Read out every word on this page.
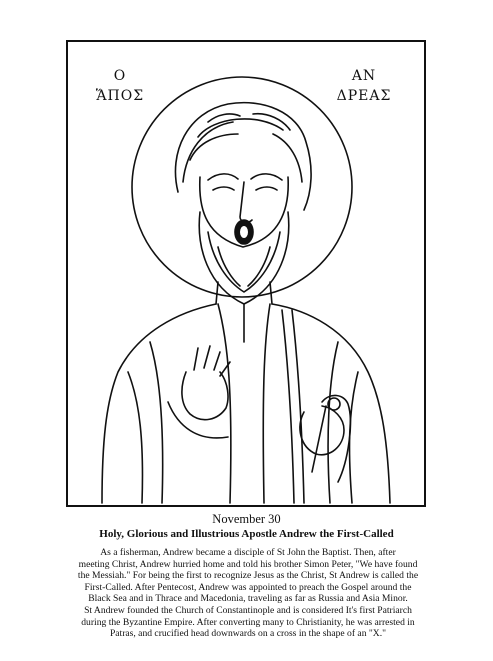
Ο
ἍΠΟΣ
ΑΝ
ΔΡΕΑΣ
November 30
Holy, Glorious and Illustrious Apostle Andrew the First-Called
As a fisherman, Andrew became a disciple of St John the Baptist. Then, after
meeting Christ, Andrew hurried home and told his brother Simon Peter, "We have found
the Messiah." For being the first to recognize Jesus as the Christ, St Andrew is called the
First-Called. After Pentecost, Andrew was appointed to preach the Gospel around the
Black Sea and in Thrace and Macedonia, traveling as far as Russia and Asia Minor.
St Andrew founded the Church of Constantinople and is considered It's first Patriarch
during the Byzantine Empire. After converting many to Christianity, he was arrested in
Patras, and crucified head downwards on a cross in the shape of an "X."
